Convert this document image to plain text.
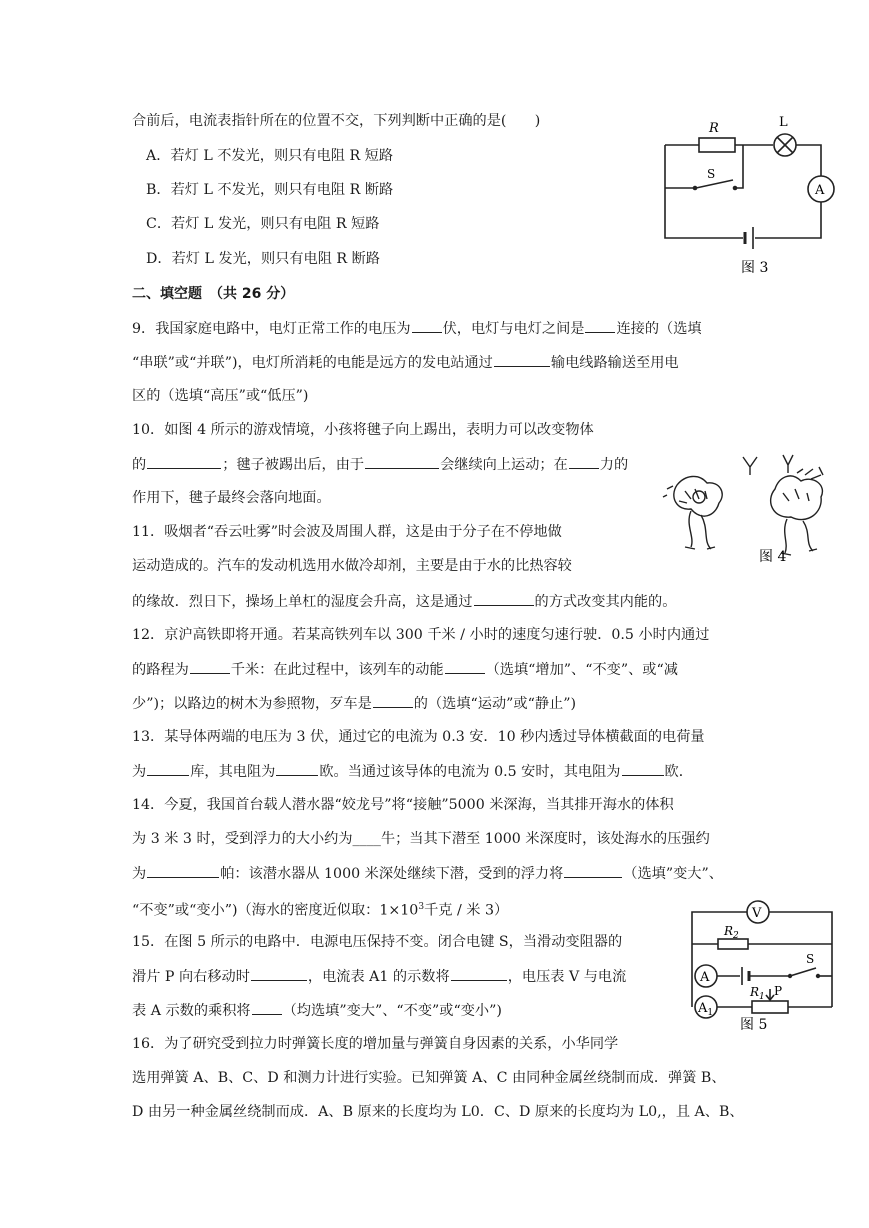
合前后，电流表指针所在的位置不交，下列判断中正确的是(　　)
A．若灯 L 不发光，则只有电阻 R 短路
B．若灯 L 不发光，则只有电阻 R 断路
C．若灯 L 发光，则只有电阻 R 短路
D．若灯 L 发光，则只有电阻 R 断路
二、填空题　（共 26 分）
9．我国家庭电路中，电灯正常工作的电压为 伏，电灯与电灯之间是 连接的（选填
“串联”或“并联”)，电灯所消耗的电能是远方的发电站通过	输电线路输送至用电
区的（选填“高压”或“低压”)
10．如图 4 所示的游戏情境，小孩将毽子向上踢出，表明力可以改变物体
的	；毽子被踢出后，由于	会继续向上运动；在 力的
作用下，毽子最终会落向地面。
11．吸烟者“吞云吐雾”时会波及周围人群，这是由于分子在不停地做
运动造成的。汽车的发动机选用水做冷却剂，主要是由于水的比热容较
的缘故．烈日下，操场上单杠的湿度会升高，这是通过	的方式改变其内能的。
12．京沪高铁即将开通。若某高铁列车以 300 千米 / 小时的速度匀速行驶．0.5 小时内通过
的路程为	千米：在此过程中，该列车的动能	（选填“增加”、“不变”、或“减
少”)；以路边的树木为参照物，歹车是	的（选填“运动”或“静止”)
13．某导体两端的电压为 3 伏，通过它的电流为 0.3 安．10 秒内透过导体横截面的电荷量
为	库，其电阻为	欧。当通过该导体的电流为 0.5 安时，其电阻为	欧．
14．今夏，我国首台载人潜水器“姣龙号”将“接触”5000 米深海，当其排开海水的体积
为 3 米 3 时，受到浮力的大小约为____牛；当其下潜至 1000 米深度时，该处海水的压强约
为	帕：该潜水器从 1000 米深处继续下潜，受到的浮力将	（选填”变大”、
“不变”或“变小”)（海水的密度近似取：$1\times 10^3$千克 / 米 3）
15．在图 5 所示的电路中．电源电压保持不变。闭合电键 S，当滑动变阻器的
滑片 P 向右移动时	，电流表 A1 的示数将	，电压表 V 与电流
表 A 示数的乘积将 （均选填”变大”、“不变”或“变小”)
16．为了研究受到拉力时弹簧长度的增加量与弹簧自身因素的关系，小华同学
选用弹簧 A、B、C、D 和测力计进行实验。已知弹簧 A、C 由同种金属丝绕制而成．弹簧 B、
D 由另一种金属丝绕制而成．A、B 原来的长度均为 L0．C、D 原来的长度均为 L0,，且 A、B、
R	L
A
S
图 3
图 4
V
$R_2$
A
S
$A_1$
$R_1$ P
图 5
